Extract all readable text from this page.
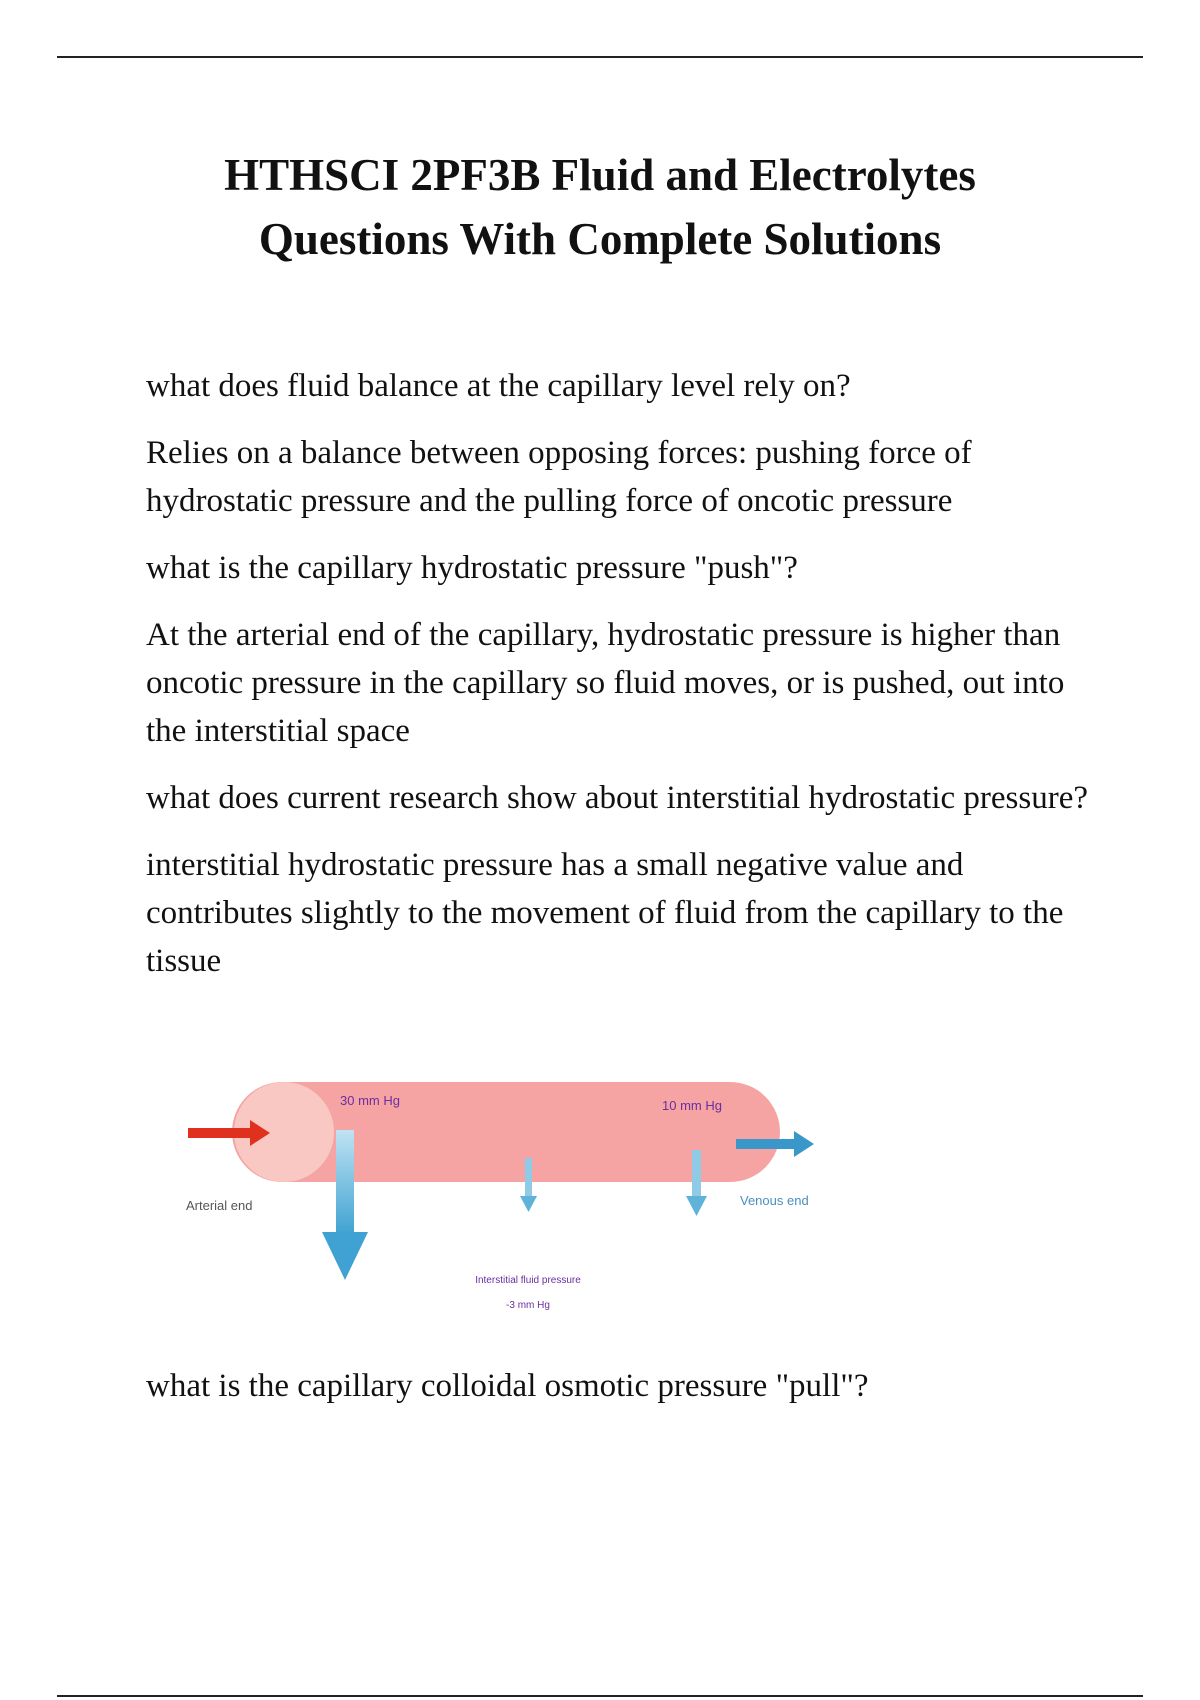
HTHSCI 2PF3B Fluid and Electrolytes
Questions With Complete Solutions

what does fluid balance at the capillary level rely on?

Relies on a balance between opposing forces: pushing force of hydrostatic pressure and the pulling force of oncotic pressure

what is the capillary hydrostatic pressure "push"?

At the arterial end of the capillary, hydrostatic pressure is higher than oncotic pressure in the capillary so fluid moves, or is pushed, out into the interstitial space

what does current research show about interstitial hydrostatic pressure?

interstitial hydrostatic pressure has a small negative value and contributes slightly to the movement of fluid from the capillary to the tissue

30 mm Hg	10 mm Hg
Arterial end	Venous end
Interstitial fluid pressure
-3 mm Hg

what is the capillary colloidal osmotic pressure "pull"?
